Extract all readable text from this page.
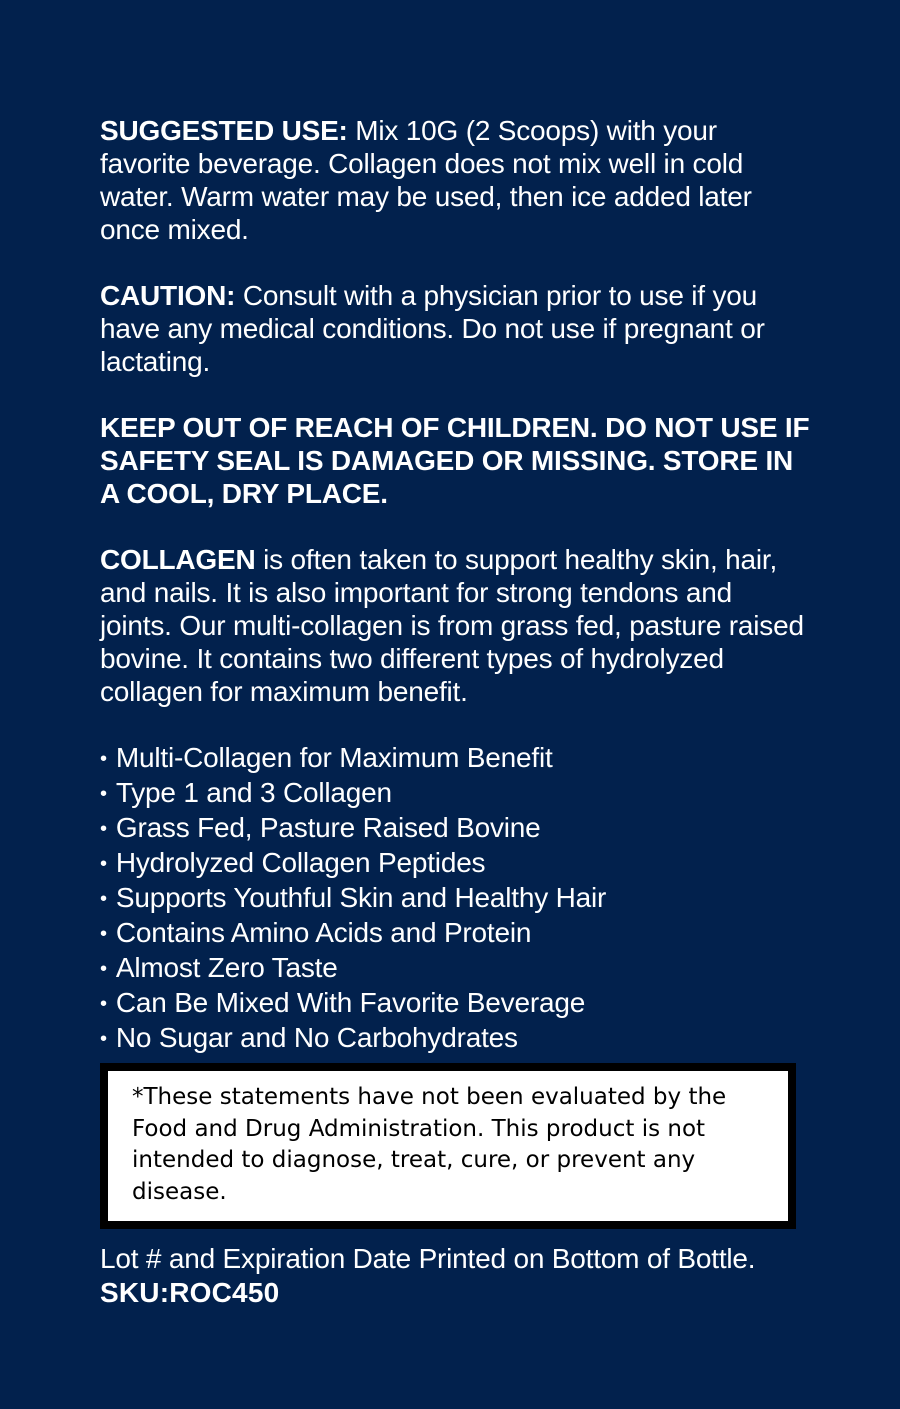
SUGGESTED USE: Mix 10G (2 Scoops) with your favorite beverage. Collagen does not mix well in cold water. Warm water may be used, then ice added later once mixed.

CAUTION: Consult with a physician prior to use if you have any medical conditions. Do not use if pregnant or lactating.

KEEP OUT OF REACH OF CHILDREN. DO NOT USE IF SAFETY SEAL IS DAMAGED OR MISSING. STORE IN A COOL, DRY PLACE.

COLLAGEN is often taken to support healthy skin, hair, and nails. It is also important for strong tendons and joints. Our multi-collagen is from grass fed, pasture raised bovine. It contains two different types of hydrolyzed collagen for maximum benefit.

• Multi-Collagen for Maximum Benefit
• Type 1 and 3 Collagen
• Grass Fed, Pasture Raised Bovine
• Hydrolyzed Collagen Peptides
• Supports Youthful Skin and Healthy Hair
• Contains Amino Acids and Protein
• Almost Zero Taste
• Can Be Mixed With Favorite Beverage
• No Sugar and No Carbohydrates

*These statements have not been evaluated by the Food and Drug Administration. This product is not intended to diagnose, treat, cure, or prevent any disease.

Lot # and Expiration Date Printed on Bottom of Bottle.

SKU:ROC450
